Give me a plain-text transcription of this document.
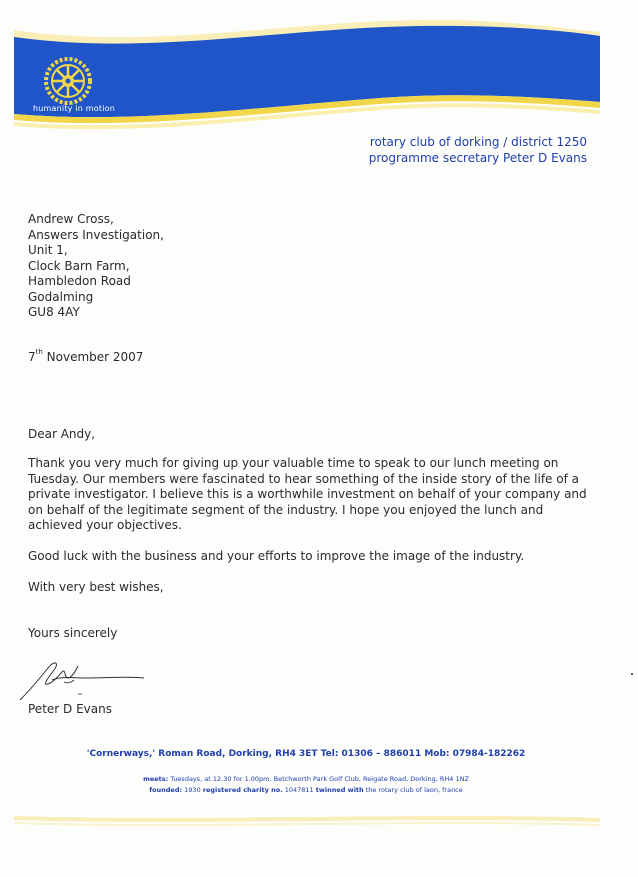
humanity in motion
rotary club of dorking / district 1250
programme secretary Peter D Evans
Andrew Cross,
Answers Investigation,
Unit 1,
Clock Barn Farm,
Hambledon Road
Godalming
GU8 4AY
7th November 2007
Dear Andy,
Thank you very much for giving up your valuable time to speak to our lunch meeting on Tuesday. Our members were fascinated to hear something of the inside story of the life of a private investigator. I believe this is a worthwhile investment on behalf of your company and on behalf of the legitimate segment of the industry. I hope you enjoyed the lunch and achieved your objectives.
Good luck with the business and your efforts to improve the image of the industry.
With very best wishes,
Yours sincerely
Peter D Evans
'Cornerways,' Roman Road, Dorking, RH4 3ET Tel: 01306 – 886011 Mob: 07984-182262
meets: Tuesdays, at 12.30 for 1.00pm. Betchworth Park Golf Club, Reigate Road, Dorking, RH4 1NZ
founded: 1930 registered charity no. 1047811 twinned with the rotary club of laon, france
